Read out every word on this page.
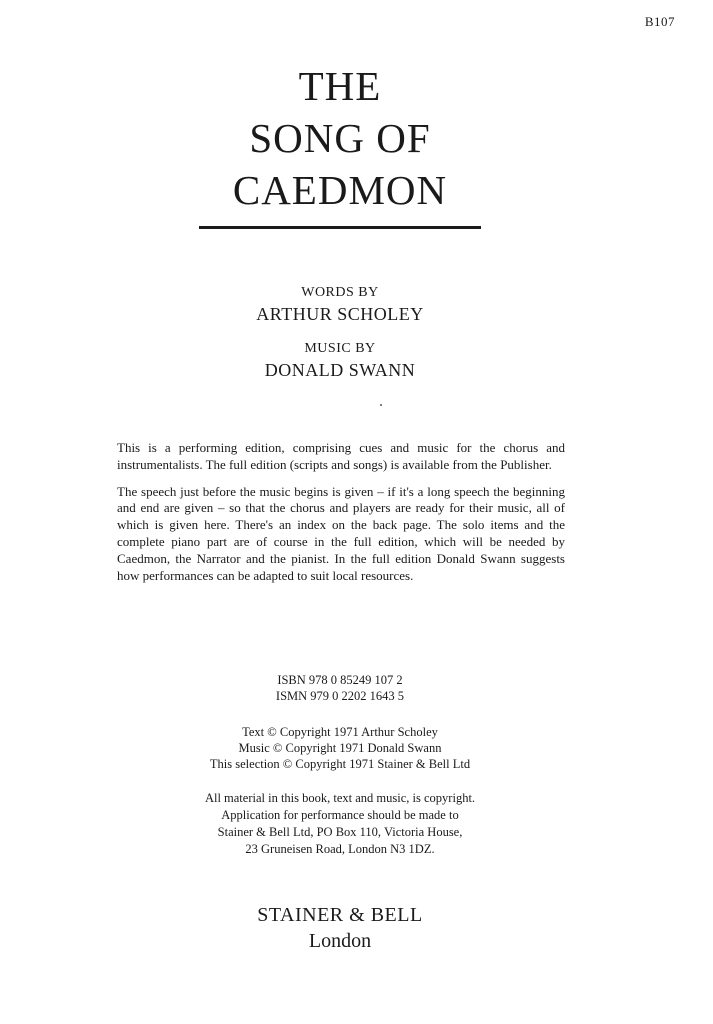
B107
THE
SONG OF
CAEDMON
WORDS BY
ARTHUR SCHOLEY
MUSIC BY
DONALD SWANN

This is a performing edition, comprising cues and music for the chorus and instrumentalists. The full edition (scripts and songs) is available from the Publisher.

The speech just before the music begins is given – if it's a long speech the beginning and end are given – so that the chorus and players are ready for their music, all of which is given here. There's an index on the back page. The solo items and the complete piano part are of course in the full edition, which will be needed by Caedmon, the Narrator and the pianist. In the full edition Donald Swann suggests how performances can be adapted to suit local resources.

ISBN 978 0 85249 107 2
ISMN 979 0 2202 1643 5
Text © Copyright 1971 Arthur Scholey
Music © Copyright 1971 Donald Swann
This selection © Copyright 1971 Stainer & Bell Ltd
All material in this book, text and music, is copyright.
Application for performance should be made to
Stainer & Bell Ltd, PO Box 110, Victoria House,
23 Gruneisen Road, London N3 1DZ.
STAINER & BELL
London
